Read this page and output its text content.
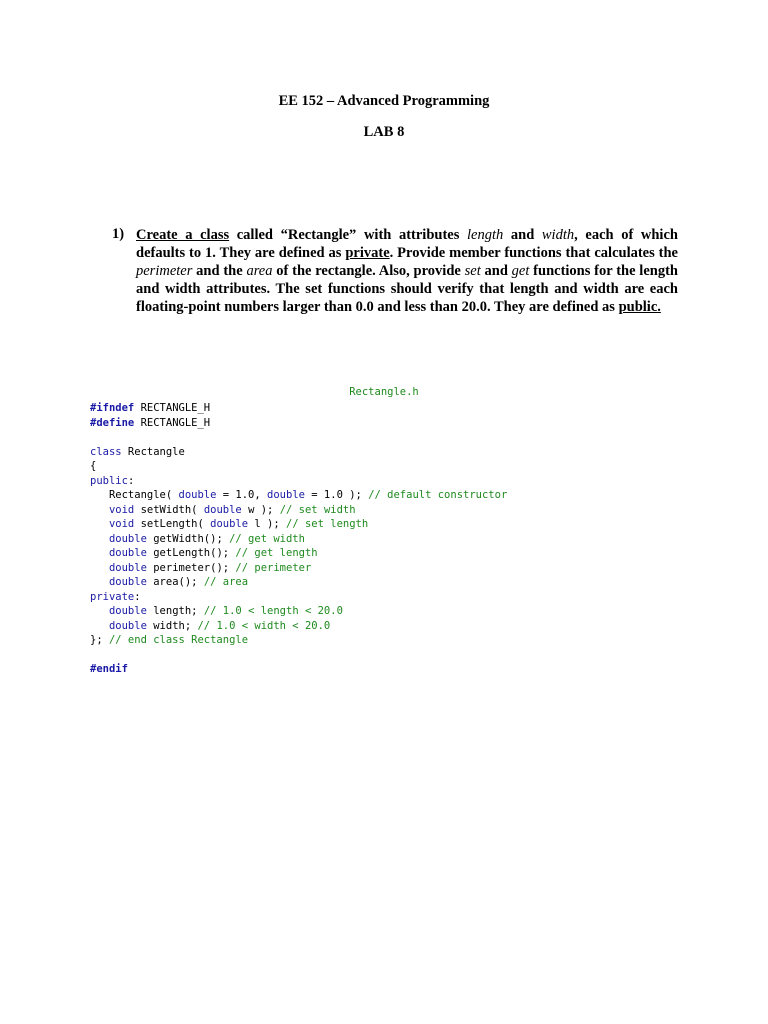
EE 152 – Advanced Programming
LAB 8
1) Create a class called “Rectangle” with attributes length and width, each of which defaults to 1. They are defined as private. Provide member functions that calculates the perimeter and the area of the rectangle. Also, provide set and get functions for the length and width attributes. The set functions should verify that length and width are each floating-point numbers larger than 0.0 and less than 20.0. They are defined as public.

Rectangle.h
#ifndef RECTANGLE_H
#define RECTANGLE_H

class Rectangle
{
public:
Rectangle( double = 1.0, double = 1.0 ); // default constructor
void setWidth( double w ); // set width
void setLength( double l ); // set length
double getWidth(); // get width
double getLength(); // get length
double perimeter(); // perimeter
double area(); // area
private:
double length; // 1.0 < length < 20.0
double width; // 1.0 < width < 20.0
}; // end class Rectangle

#endif
